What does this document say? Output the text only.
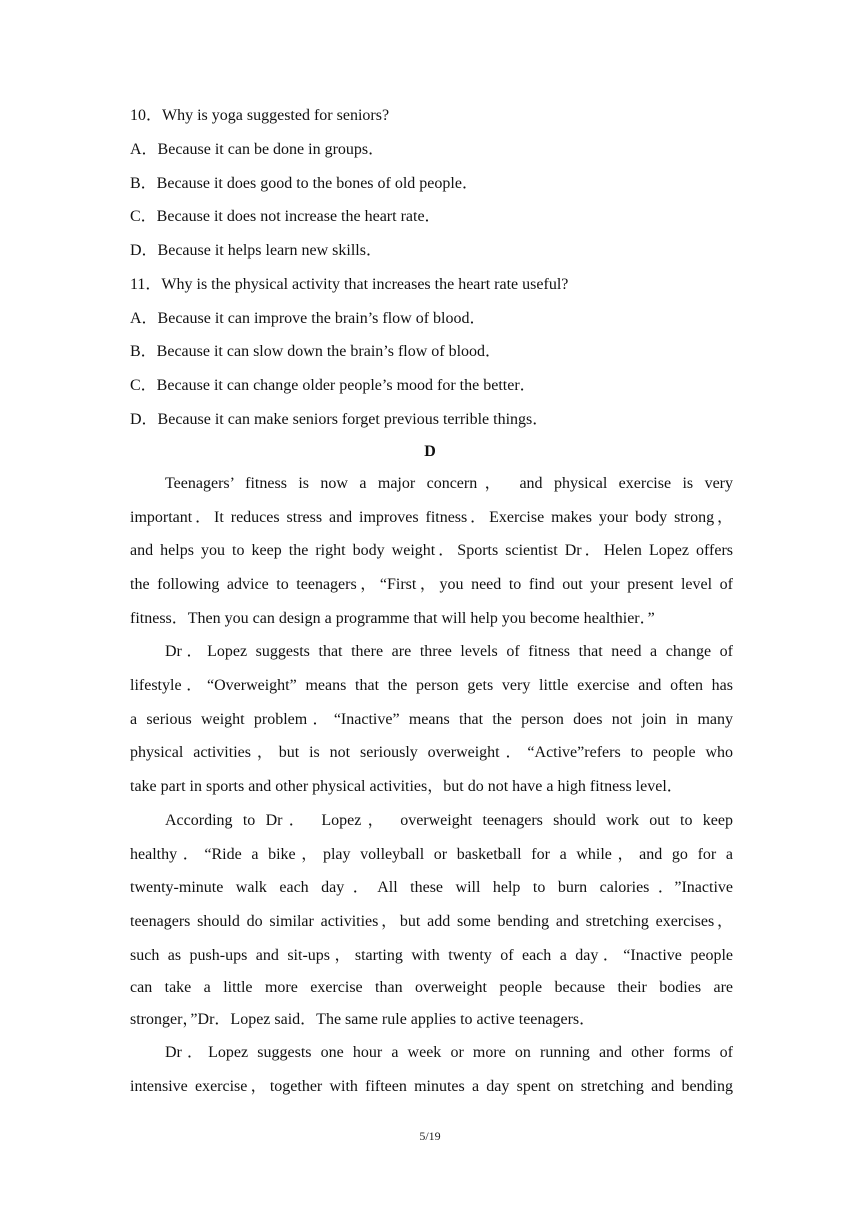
10．Why is yoga suggested for seniors?
A．Because it can be done in groups．
B．Because it does good to the bones of old people．
C．Because it does not increase the heart rate．
D．Because it helps learn new skills．
11．Why is the physical activity that increases the heart rate useful?
A．Because it can improve the brain’s flow of blood．
B．Because it can slow down the brain’s flow of blood．
C．Because it can change older people’s mood for the better．
D．Because it can make seniors forget previous terrible things．
D
Teenagers’ fitness is now a major concern， and physical exercise is very
important．It reduces stress and improves fitness．Exercise makes your body strong，
and helps you to keep the right body weight．Sports scientist Dr．Helen Lopez offers
the following advice to teenagers，“First，you need to find out your present level of
fitness．Then you can design a programme that will help you become healthier．”
Dr．Lopez suggests that there are three levels of fitness that need a change of
lifestyle．“Overweight” means that the person gets very little exercise and often has
a serious weight problem．“Inactive” means that the person does not join in many
physical activities，but is not seriously overweight．“Active”refers to people who
take part in sports and other physical activities，but do not have a high fitness level．
According to Dr． Lopez， overweight teenagers should work out to keep
healthy．“Ride a bike，play volleyball or basketball for a while，and go for a
twenty-minute walk each day．All these will help to burn calories．”Inactive
teenagers should do similar activities，but add some bending and stretching exercises，
such as push-ups and sit-ups，starting with twenty of each a day．“Inactive people
can take a little more exercise than overweight people because their bodies are
stronger，”Dr．Lopez said．The same rule applies to active teenagers．
Dr．Lopez suggests one hour a week or more on running and other forms of
intensive exercise，together with fifteen minutes a day spent on stretching and bending
5/19
